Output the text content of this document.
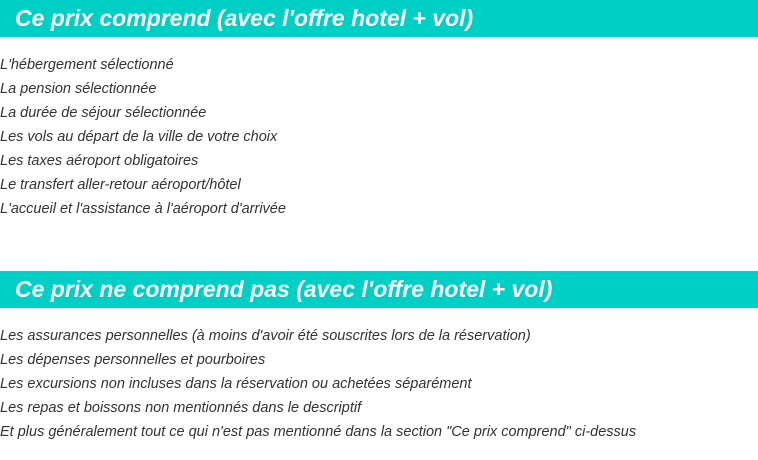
Ce prix comprend (avec l'offre hotel + vol)
L'hébergement sélectionné
La pension sélectionnée
La durée de séjour sélectionnée
Les vols au départ de la ville de votre choix
Les taxes aéroport obligatoires
Le transfert aller-retour aéroport/hôtel
L'accueil et l'assistance à l'aéroport d'arrivée
Ce prix ne comprend pas (avec l'offre hotel + vol)
Les assurances personnelles (à moins d'avoir été souscrites lors de la réservation)
Les dépenses personnelles et pourboires
Les excursions non incluses dans la réservation ou achetées séparément
Les repas et boissons non mentionnés dans le descriptif
Et plus généralement tout ce qui n'est pas mentionné dans la section "Ce prix comprend" ci-dessus
